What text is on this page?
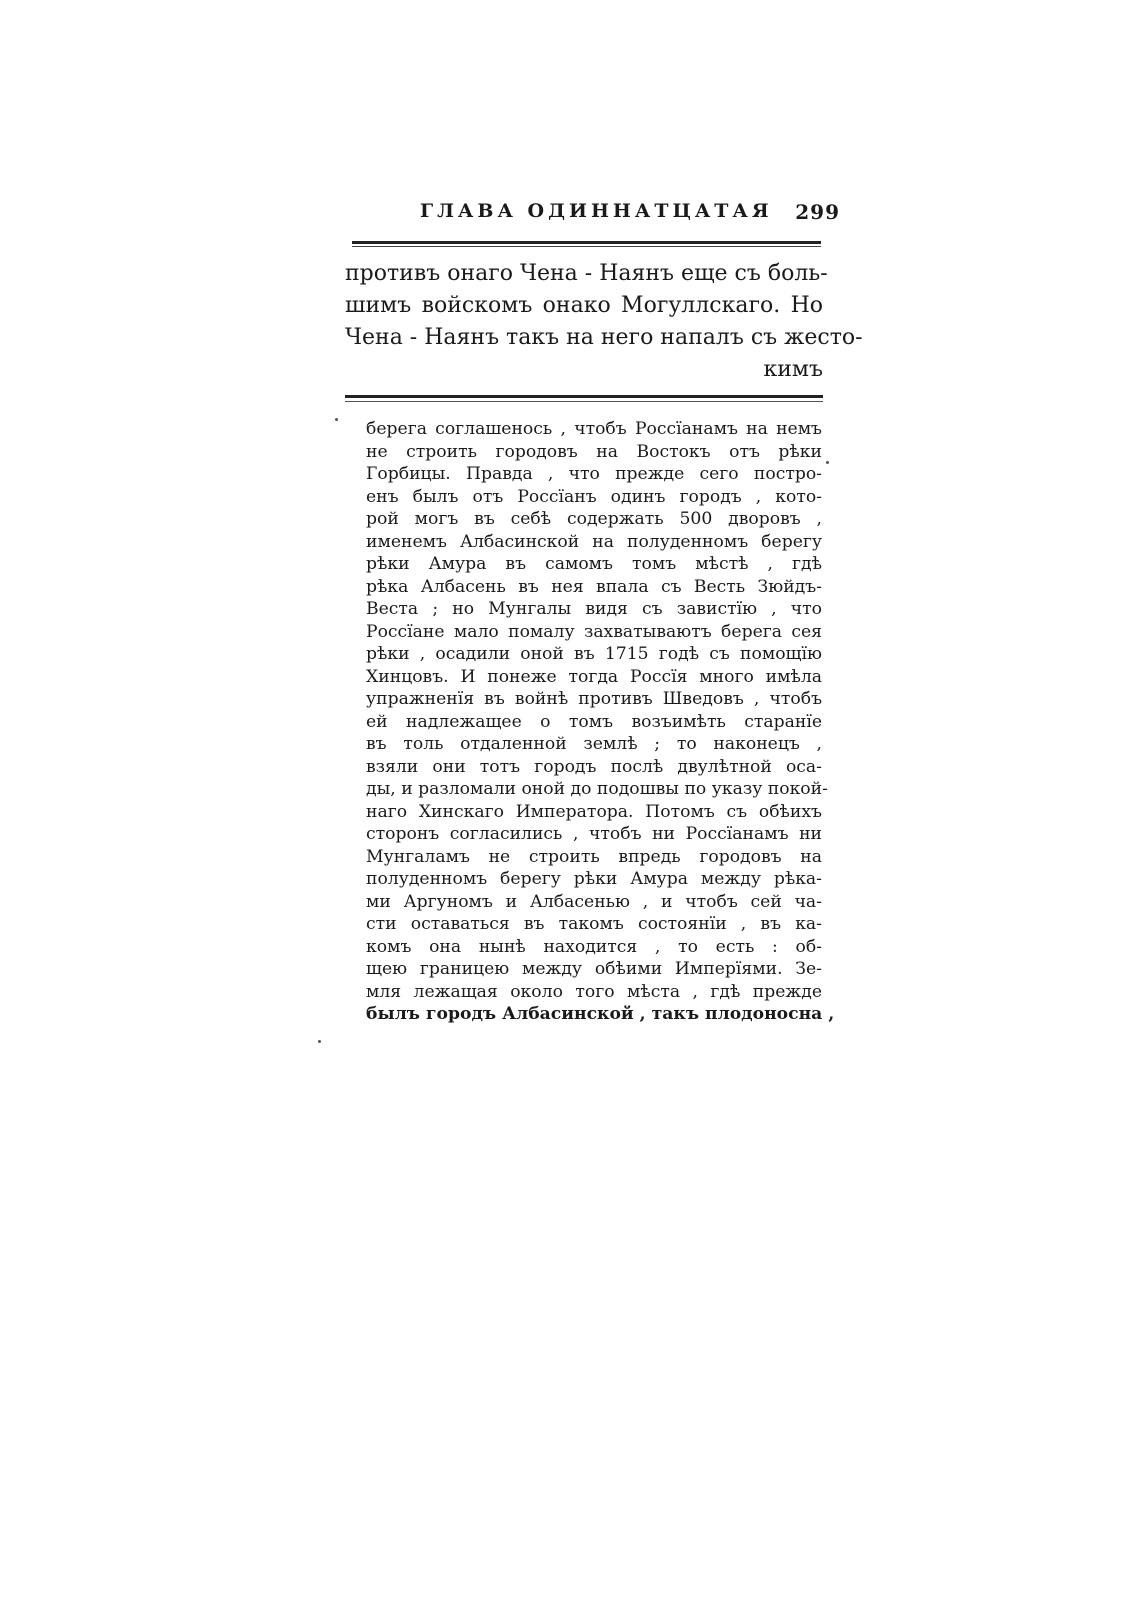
ГЛАВА ОДИННАТЦАТАЯ 299
противъ онаго Чена - Наянъ еще съ боль-
шимъ войскомъ онако Могуллскаго. Но
Чена - Наянъ такъ на него напалъ съ жесто-
кимъ
берега соглашенось , чтобъ Россïанамъ на немъ
не строить городовъ на Востокъ отъ рѣки
Горбицы. Правда , что прежде сего постро-
енъ былъ отъ Россïанъ одинъ городъ , кото-
рой могъ въ себѣ содержать 500 дворовъ ,
именемъ Албасинской на полуденномъ берегу
рѣки Амура въ самомъ томъ мѣстѣ , гдѣ
рѣка Албасень въ нея впала съ Весть Зюйдъ-
Веста ; но Мунгалы видя съ завистïю , что
Россïане мало помалу захватываютъ берега сея
рѣки , осадили оной въ 1715 годѣ съ помощïю
Хинцовъ. И понеже тогда Россïя много имѣла
упражненïя въ войнѣ противъ Шведовъ , чтобъ
ей надлежащее о томъ возъимѣть старанïе
въ толь отдаленной землѣ ; то наконецъ ,
взяли они тотъ городъ послѣ двулѣтной оса-
ды, и разломали оной до подошвы по указу покой-
наго Хинскаго Императора. Потомъ съ обѣихъ
сторонъ согласились , чтобъ ни Россïанамъ ни
Мунгаламъ не строить впредь городовъ на
полуденномъ берегу рѣки Амура между рѣка-
ми Аргуномъ и Албасенью , и чтобъ сей ча-
сти оставаться въ такомъ состоянïи , въ ка-
комъ она нынѣ находится , то есть : об-
щею границею между обѣими Имперïями. Зе-
мля лежащая около того мѣста , гдѣ прежде
былъ городъ Албасинской , такъ плодоносна ,
